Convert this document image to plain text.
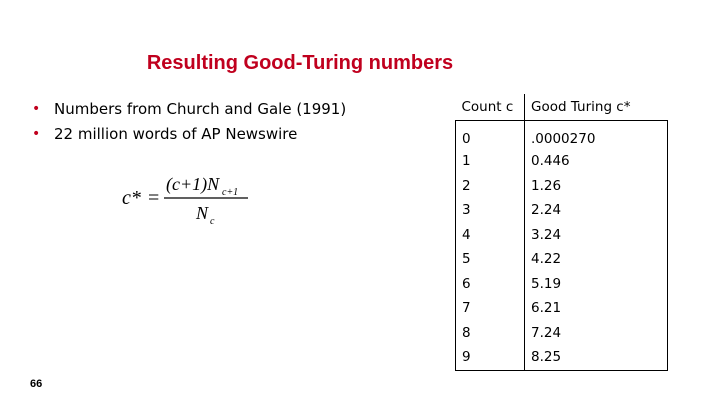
Resulting Good-Turing numbers
• Numbers from Church and Gale (1991)
• 22 million words of AP Newswire
c* =
(c+1)N c+1
N c
Count c	Good Turing c*
0	.0000270
1	0.446
2	1.26
3	2.24
4	3.24
5	4.22
6	5.19
7	6.21
8	7.24
9	8.25
66
